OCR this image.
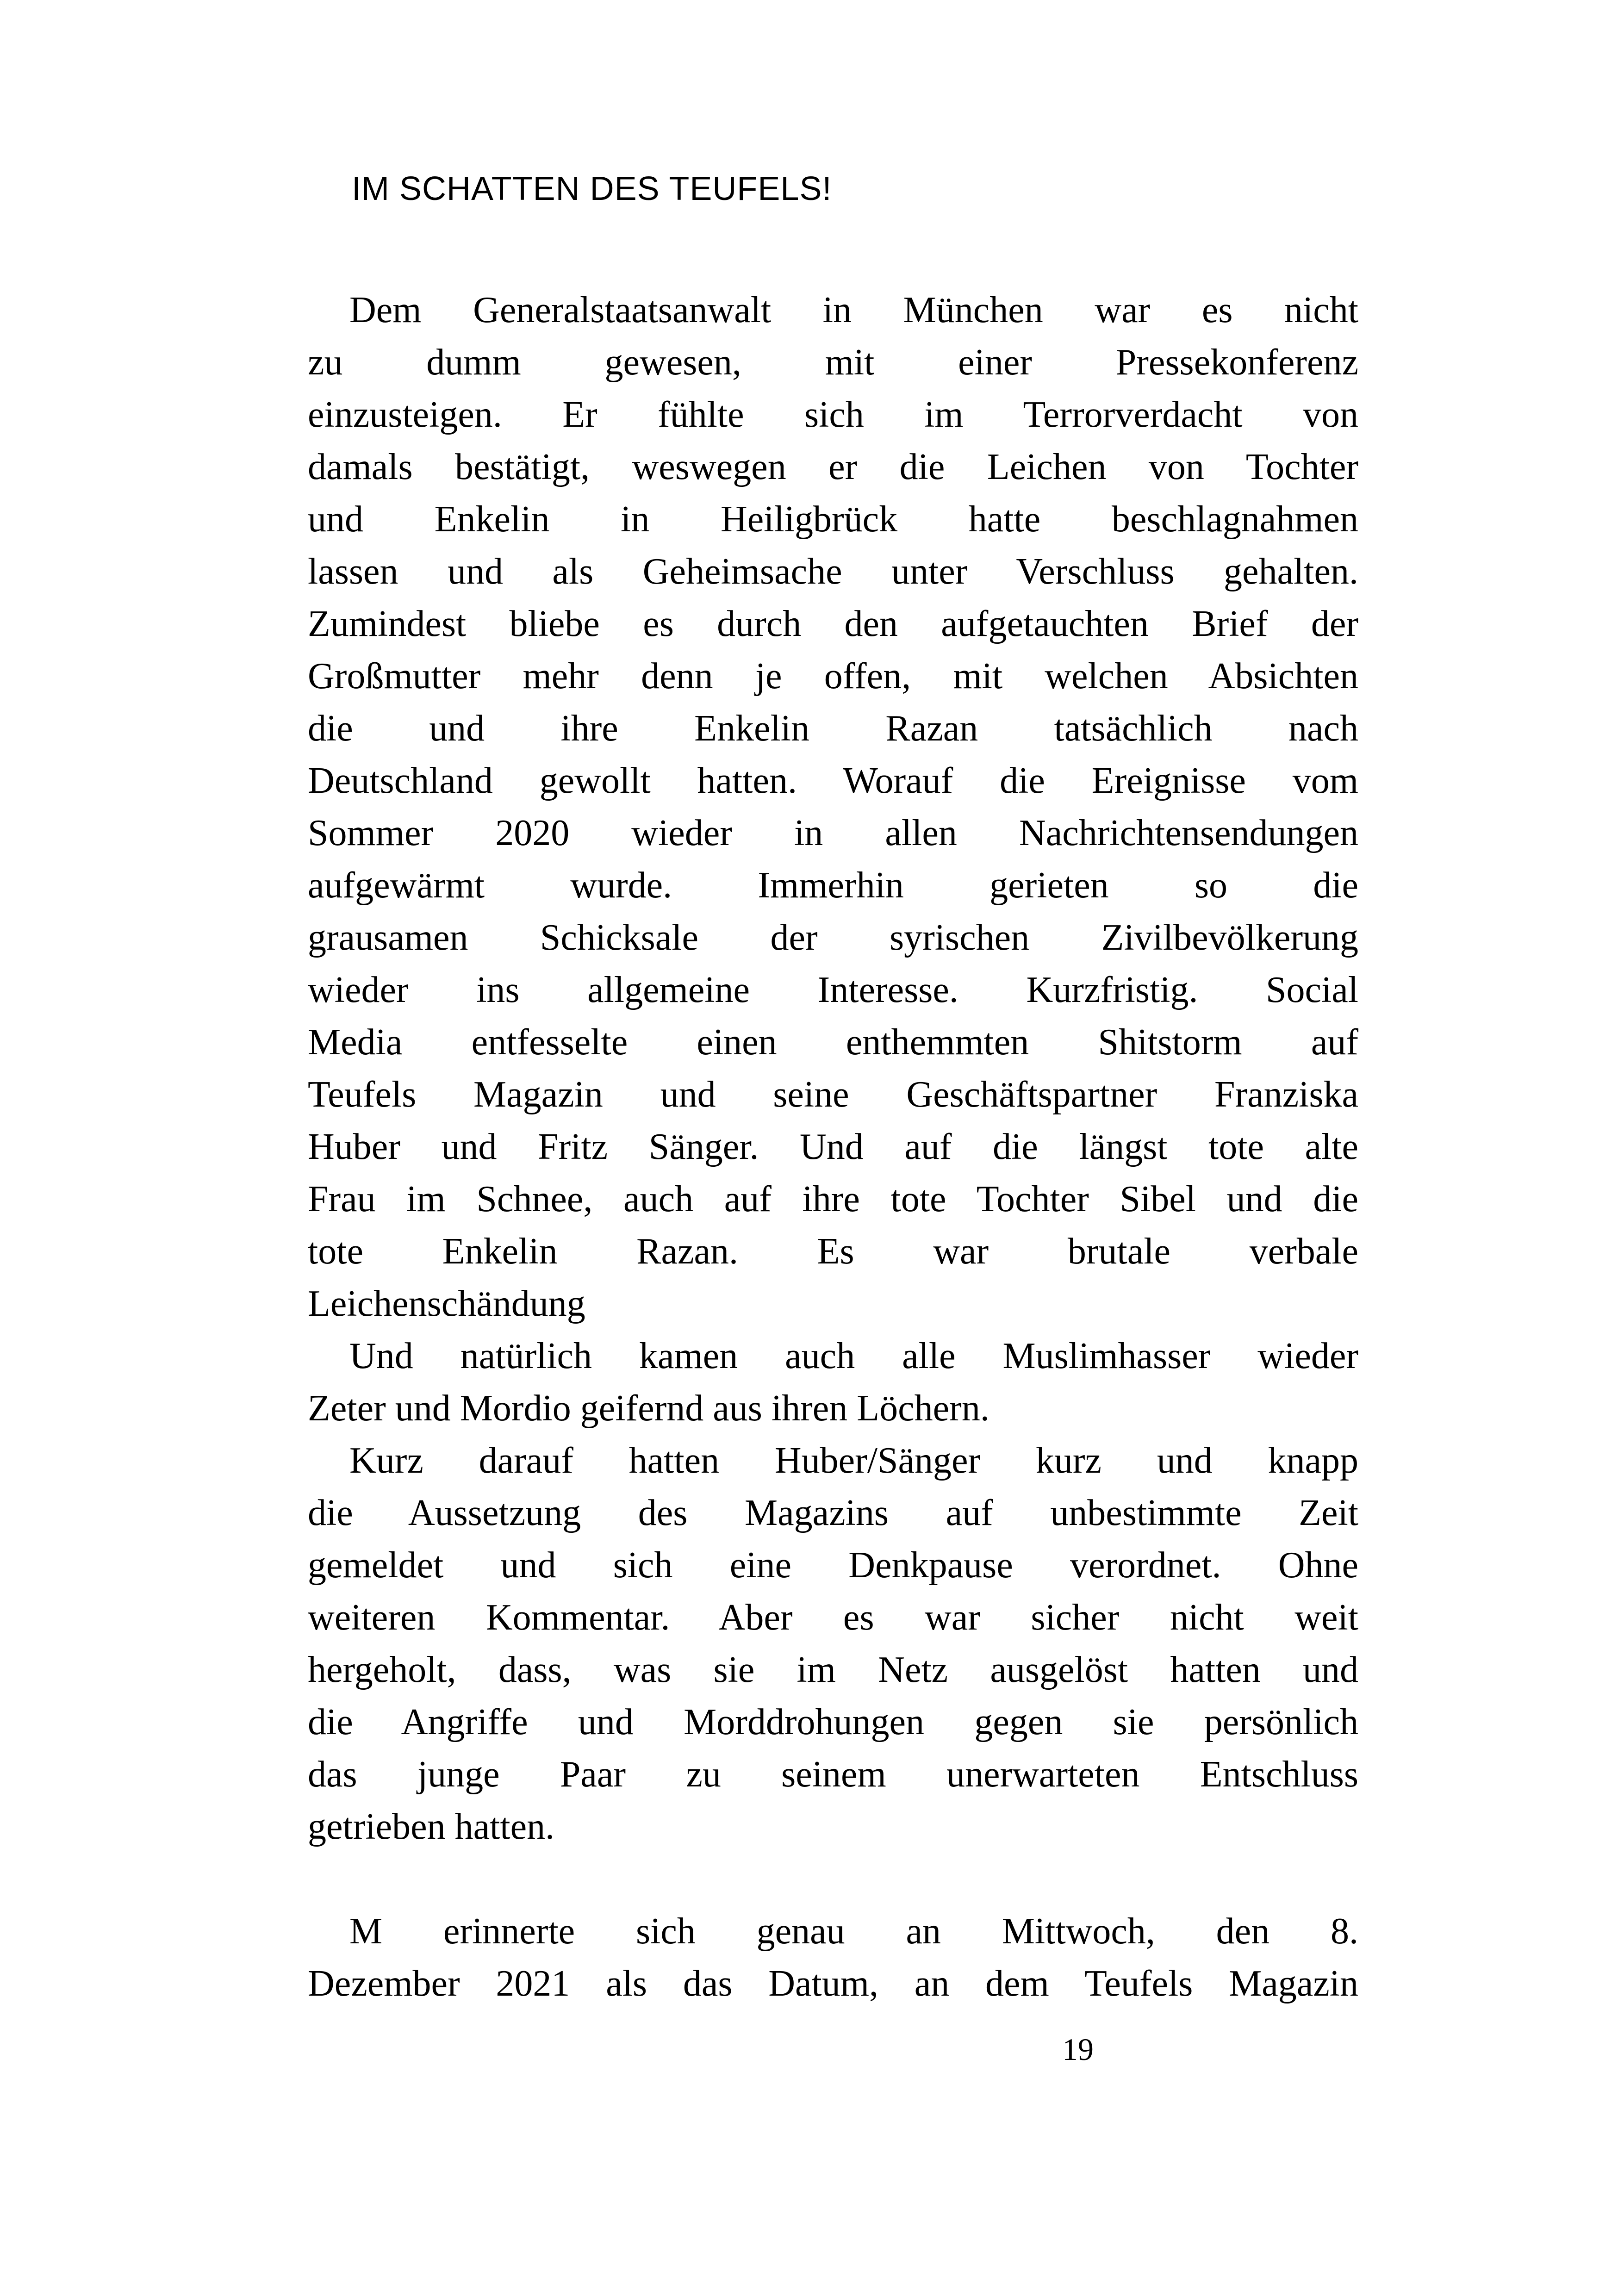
IM SCHATTEN DES TEUFELS!
Dem Generalstaatsanwalt in München war es nicht
zu dumm gewesen, mit einer Pressekonferenz
einzusteigen. Er fühlte sich im Terrorverdacht von
damals bestätigt, weswegen er die Leichen von Tochter
und Enkelin in Heiligbrück hatte beschlagnahmen
lassen und als Geheimsache unter Verschluss gehalten.
Zumindest bliebe es durch den aufgetauchten Brief der
Großmutter mehr denn je offen, mit welchen Absichten
die und ihre Enkelin Razan tatsächlich nach
Deutschland gewollt hatten. Worauf die Ereignisse vom
Sommer 2020 wieder in allen Nachrichtensendungen
aufgewärmt wurde. Immerhin gerieten so die
grausamen Schicksale der syrischen Zivilbevölkerung
wieder ins allgemeine Interesse. Kurzfristig. Social
Media entfesselte einen enthemmten Shitstorm auf
Teufels Magazin und seine Geschäftspartner Franziska
Huber und Fritz Sänger. Und auf die längst tote alte
Frau im Schnee, auch auf ihre tote Tochter Sibel und die
tote Enkelin Razan. Es war brutale verbale
Leichenschändung
Und natürlich kamen auch alle Muslimhasser wieder
Zeter und Mordio geifernd aus ihren Löchern.
Kurz darauf hatten Huber/Sänger kurz und knapp
die Aussetzung des Magazins auf unbestimmte Zeit
gemeldet und sich eine Denkpause verordnet. Ohne
weiteren Kommentar. Aber es war sicher nicht weit
hergeholt, dass, was sie im Netz ausgelöst hatten und
die Angriffe und Morddrohungen gegen sie persönlich
das junge Paar zu seinem unerwarteten Entschluss
getrieben hatten.
M erinnerte sich genau an Mittwoch, den 8.
Dezember 2021 als das Datum, an dem Teufels Magazin
19
